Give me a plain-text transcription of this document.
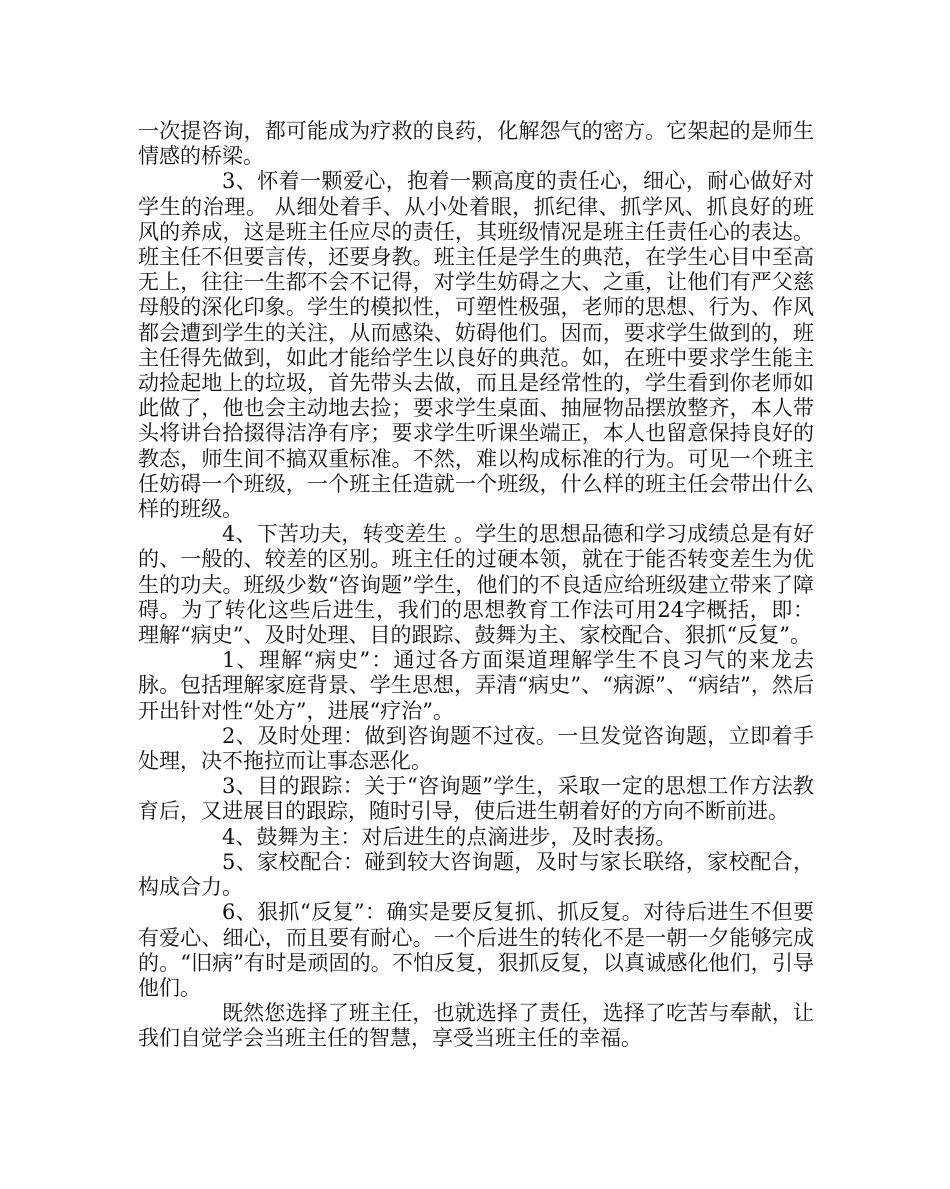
一次提咨询，都可能成为疗救的良药，化解怨气的密方。它架起的是师生情感的桥梁。

3、怀着一颗爱心，抱着一颗高度的责任心，细心，耐心做好对学生的治理。 从细处着手、从小处着眼，抓纪律、抓学风、抓良好的班风的养成，这是班主任应尽的责任，其班级情况是班主任责任心的表达。班主任不但要言传，还要身教。班主任是学生的典范，在学生心目中至高无上，往往一生都不会不记得，对学生妨碍之大、之重，让他们有严父慈母般的深化印象。学生的模拟性，可塑性极强，老师的思想、行为、作风都会遭到学生的关注，从而感染、妨碍他们。因而，要求学生做到的，班主任得先做到，如此才能给学生以良好的典范。如，在班中要求学生能主动捡起地上的垃圾，首先带头去做，而且是经常性的，学生看到你老师如此做了，他也会主动地去捡；要求学生桌面、抽屉物品摆放整齐，本人带头将讲台拾掇得洁净有序；要求学生听课坐端正，本人也留意保持良好的教态，师生间不搞双重标准。不然，难以构成标准的行为。可见一个班主任妨碍一个班级，一个班主任造就一个班级，什么样的班主任会带出什么样的班级。

4、下苦功夫，转变差生 。学生的思想品德和学习成绩总是有好的、一般的、较差的区别。班主任的过硬本领，就在于能否转变差生为优生的功夫。班级少数“咨询题”学生，他们的不良适应给班级建立带来了障碍。为了转化这些后进生，我们的思想教育工作法可用24字概括，即：理解“病史”、及时处理、目的跟踪、鼓舞为主、家校配合、狠抓“反复”。

1、理解“病史”：通过各方面渠道理解学生不良习气的来龙去脉。包括理解家庭背景、学生思想，弄清“病史”、“病源”、“病结”，然后开出针对性“处方”，进展“疗治”。

2、及时处理：做到咨询题不过夜。一旦发觉咨询题，立即着手处理，决不拖拉而让事态恶化。

3、目的跟踪：关于“咨询题”学生，采取一定的思想工作方法教育后，又进展目的跟踪，随时引导，使后进生朝着好的方向不断前进。

4、鼓舞为主：对后进生的点滴进步，及时表扬。

5、家校配合：碰到较大咨询题，及时与家长联络，家校配合，构成合力。

6、狠抓“反复”：确实是要反复抓、抓反复。对待后进生不但要有爱心、细心，而且要有耐心。一个后进生的转化不是一朝一夕能够完成的。“旧病”有时是顽固的。不怕反复，狠抓反复，以真诚感化他们，引导他们。

既然您选择了班主任，也就选择了责任，选择了吃苦与奉献，让我们自觉学会当班主任的智慧，享受当班主任的幸福。
